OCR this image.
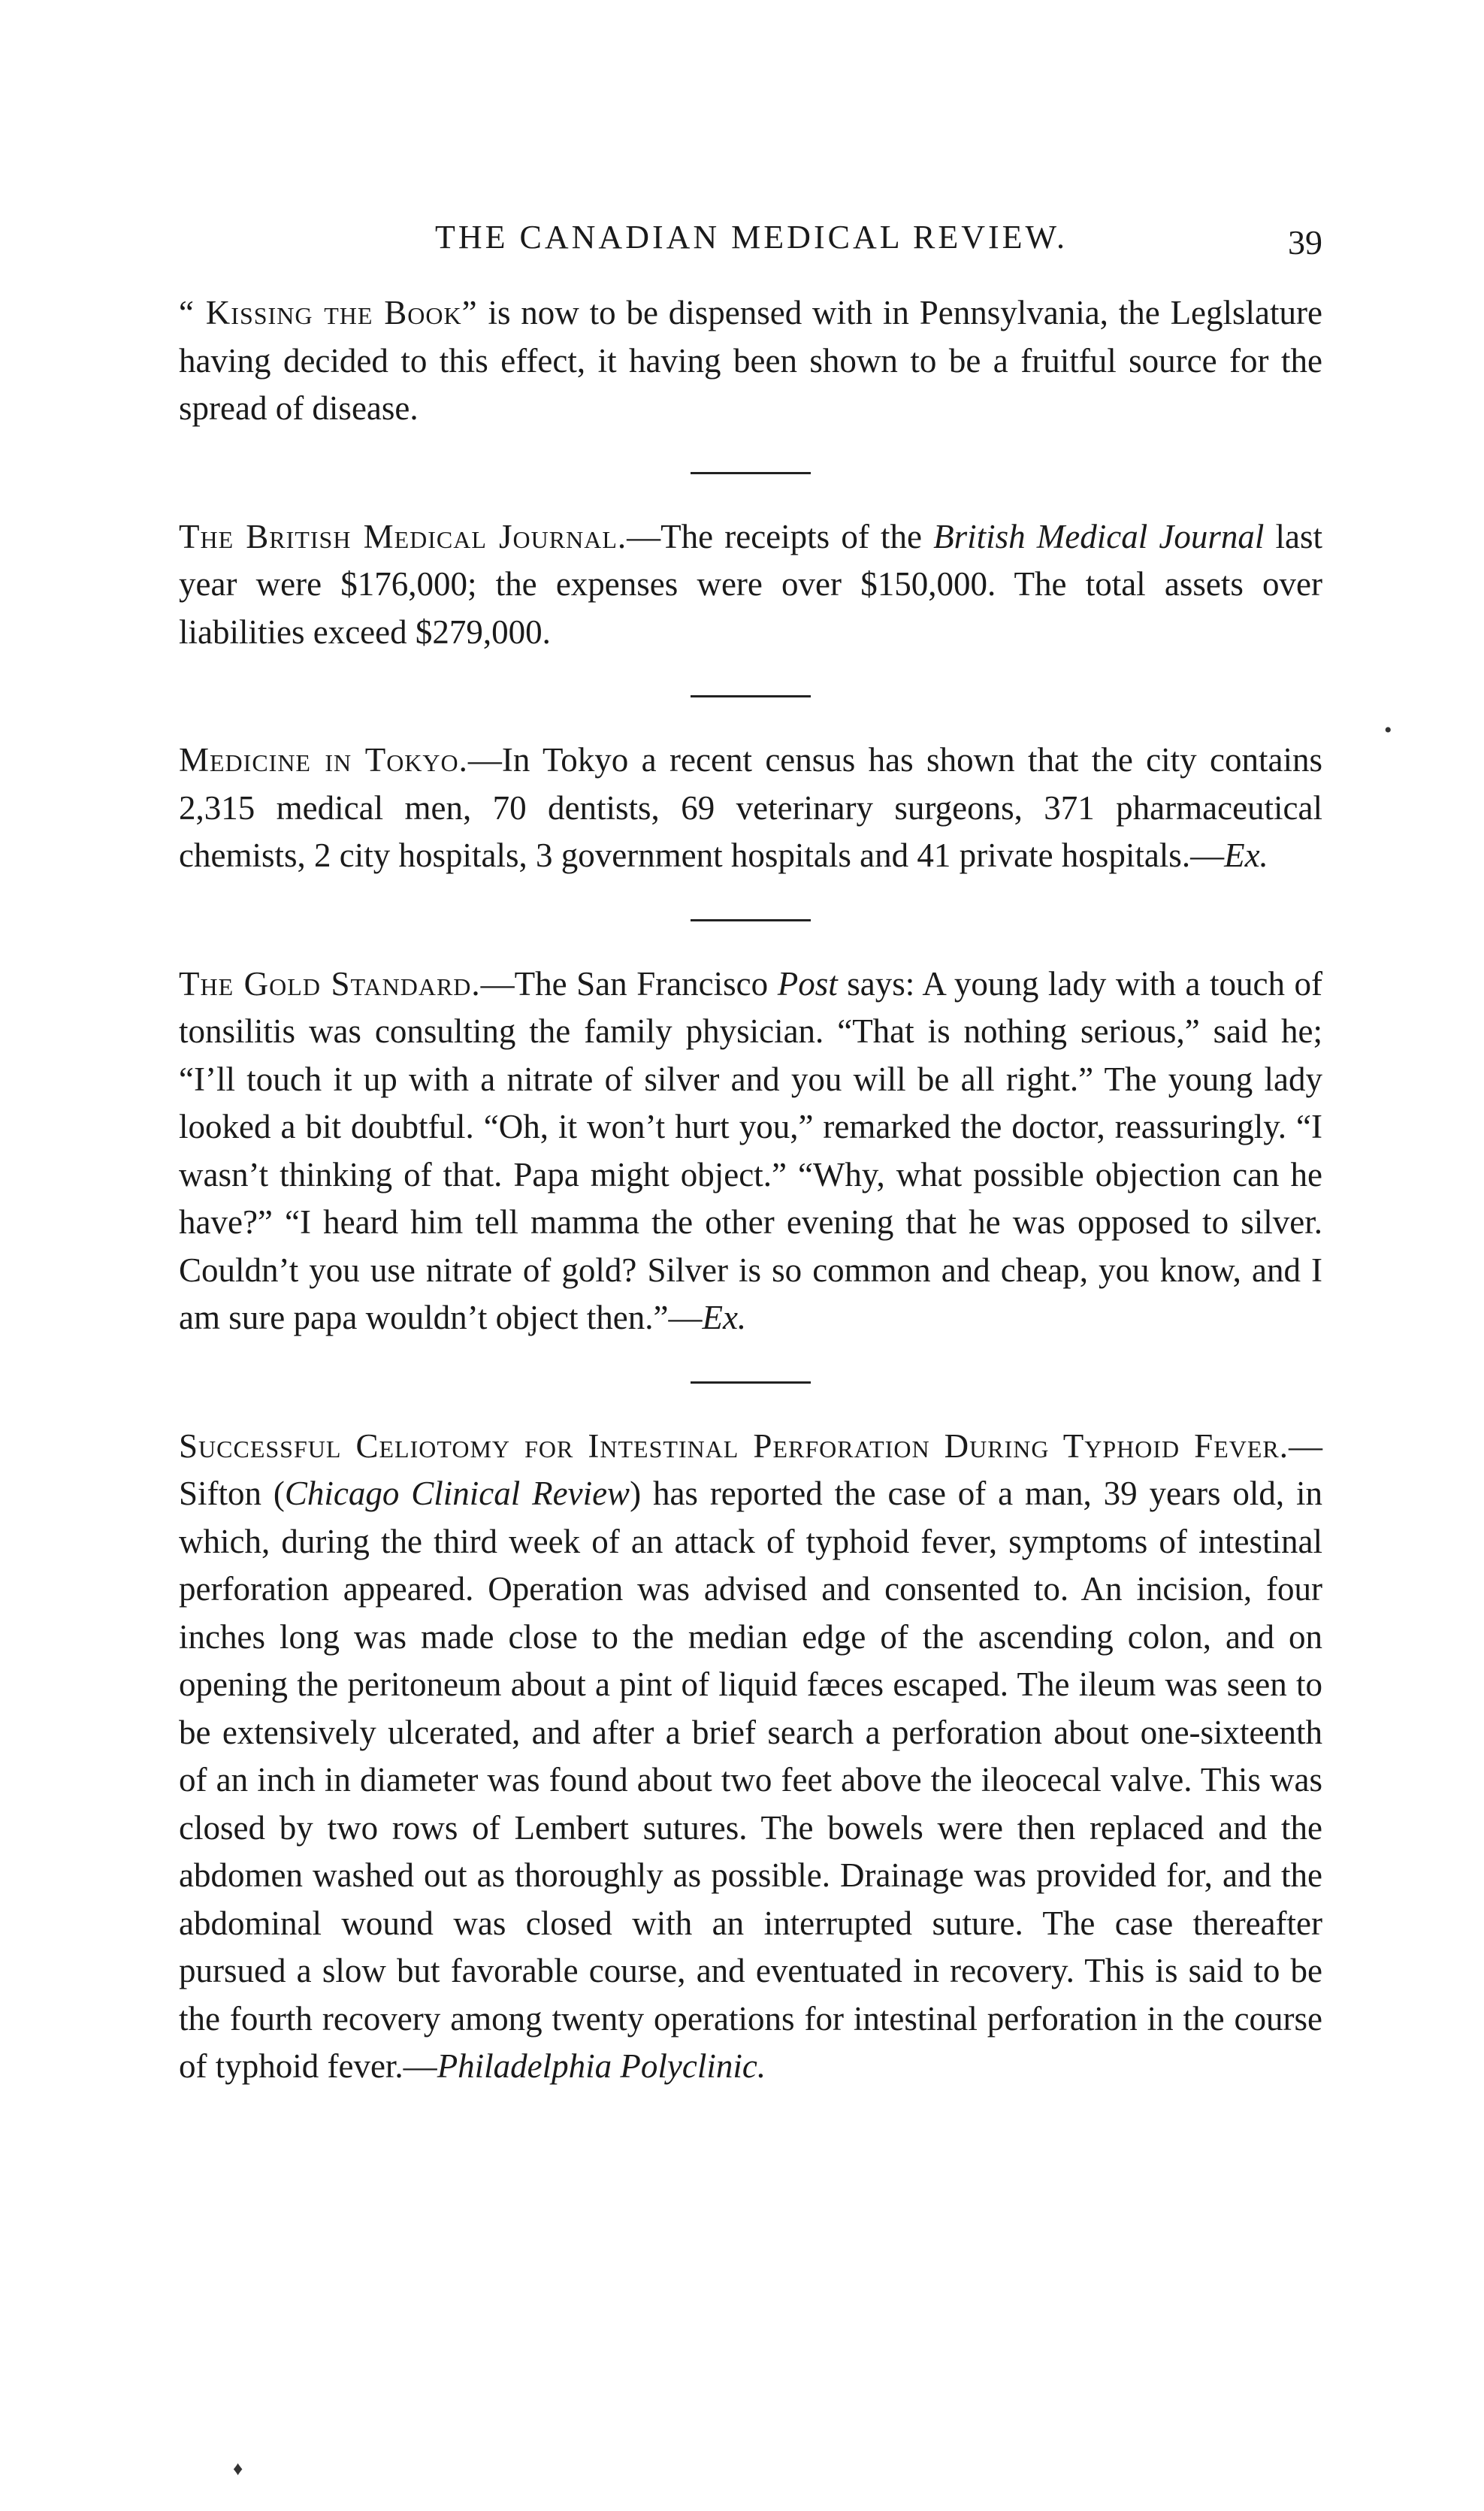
THE CANADIAN MEDICAL REVIEW.	39

“ Kissing the Book” is now to be dispensed with in Pennsylvania, the Leglslature having decided to this effect, it having been shown to be a fruitful source for the spread of disease.

The British Medical Journal.—The receipts of the British Medical Journal last year were $176,000; the expenses were over $150,000. The total assets over liabilities exceed $279,000.

Medicine in Tokyo.—In Tokyo a recent census has shown that the city contains 2,315 medical men, 70 dentists, 69 veterinary surgeons, 371 pharmaceutical chemists, 2 city hospitals, 3 government hospitals and 41 private hospitals.—Ex.

The Gold Standard.—The San Francisco Post says: A young lady with a touch of tonsilitis was consulting the family physician. “That is nothing serious,” said he; “I’ll touch it up with a nitrate of silver and you will be all right.” The young lady looked a bit doubtful. “Oh, it won’t hurt you,” remarked the doctor, reassuringly. “I wasn’t thinking of that. Papa might object.” “Why, what possible objection can he have?” “I heard him tell mamma the other evening that he was opposed to silver. Couldn’t you use nitrate of gold? Silver is so common and cheap, you know, and I am sure papa wouldn’t object then.”—Ex.

Successful Celiotomy for Intestinal Perforation During Typhoid Fever.—Sifton (Chicago Clinical Review) has reported the case of a man, 39 years old, in which, during the third week of an attack of typhoid fever, symptoms of intestinal perforation appeared. Operation was advised and consented to. An incision, four inches long was made close to the median edge of the ascending colon, and on opening the peritoneum about a pint of liquid fæces escaped. The ileum was seen to be extensively ulcerated, and after a brief search a perforation about one-sixteenth of an inch in diameter was found about two feet above the ileocecal valve. This was closed by two rows of Lembert sutures. The bowels were then replaced and the abdomen washed out as thoroughly as possible. Drainage was provided for, and the abdominal wound was closed with an interrupted suture. The case thereafter pursued a slow but favorable course, and eventuated in recovery. This is said to be the fourth recovery among twenty operations for intestinal perforation in the course of typhoid fever.—Philadelphia Polyclinic.

•
♦
